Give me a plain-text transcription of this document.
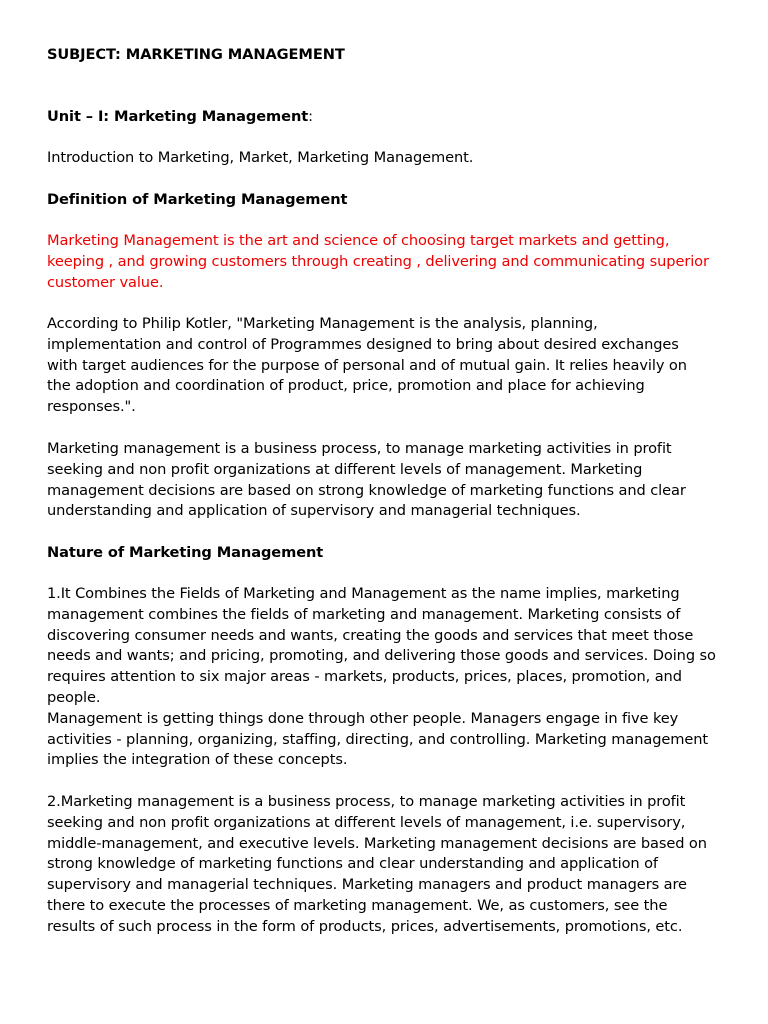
SUBJECT: MARKETING MANAGEMENT

Unit – I: Marketing Management:

Introduction to Marketing, Market, Marketing Management.

Definition of Marketing Management

Marketing Management is the art and science of choosing target markets and getting,
keeping , and growing customers through creating , delivering and communicating superior
customer value.
According to Philip Kotler, "Marketing Management is the analysis, planning,
implementation and control of Programmes designed to bring about desired exchanges
with target audiences for the purpose of personal and of mutual gain. It relies heavily on
the adoption and coordination of product, price, promotion and place for achieving
responses.".
Marketing management is a business process, to manage marketing activities in profit
seeking and non profit organizations at different levels of management. Marketing
management decisions are based on strong knowledge of marketing functions and clear
understanding and application of supervisory and managerial techniques.

Nature of Marketing Management

1.It Combines the Fields of Marketing and Management as the name implies, marketing
management combines the fields of marketing and management. Marketing consists of
discovering consumer needs and wants, creating the goods and services that meet those
needs and wants; and pricing, promoting, and delivering those goods and services. Doing so
requires attention to six major areas - markets, products, prices, places, promotion, and
people.
Management is getting things done through other people. Managers engage in five key
activities - planning, organizing, staffing, directing, and controlling. Marketing management
implies the integration of these concepts.
2.Marketing management is a business process, to manage marketing activities in profit
seeking and non profit organizations at different levels of management, i.e. supervisory,
middle-management, and executive levels. Marketing management decisions are based on
strong knowledge of marketing functions and clear understanding and application of
supervisory and managerial techniques. Marketing managers and product managers are
there to execute the processes of marketing management. We, as customers, see the
results of such process in the form of products, prices, advertisements, promotions, etc.
